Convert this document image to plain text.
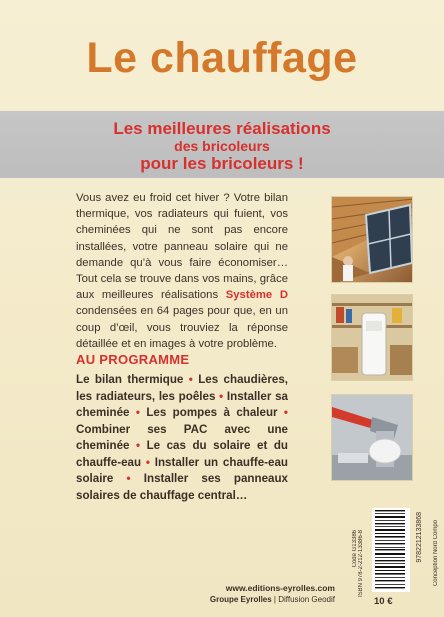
Le chauffage
Les meilleures réalisations
des bricoleurs
pour les bricoleurs !

Vous avez eu froid cet hiver ? Votre bilan thermique, vos radiateurs qui fuient, vos cheminées qui ne sont pas encore installées, votre panneau solaire qui ne demande qu’à vous faire économiser… Tout cela se trouve dans vos mains, grâce aux meilleures réalisations Système D condensées en 64 pages pour que, en un coup d’œil, vous trouviez la réponse détaillée et en images à votre problème.

AU PROGRAMME

Le bilan thermique • Les chaudières, les radiateurs, les poêles • Installer sa cheminée • Les pompes à chaleur • Combiner ses PAC avec une cheminée • Le cas du solaire et du chauffe-eau • Installer un chauffe-eau solaire • Installer ses panneaux solaires de chauffage central…

Code G13386 ISBN 978-2-212-13386-8	9782212133868 Conception Nord Compo
www.editions-eyrolles.com
Groupe Eyrolles | Diffusion Geodif	10 €
